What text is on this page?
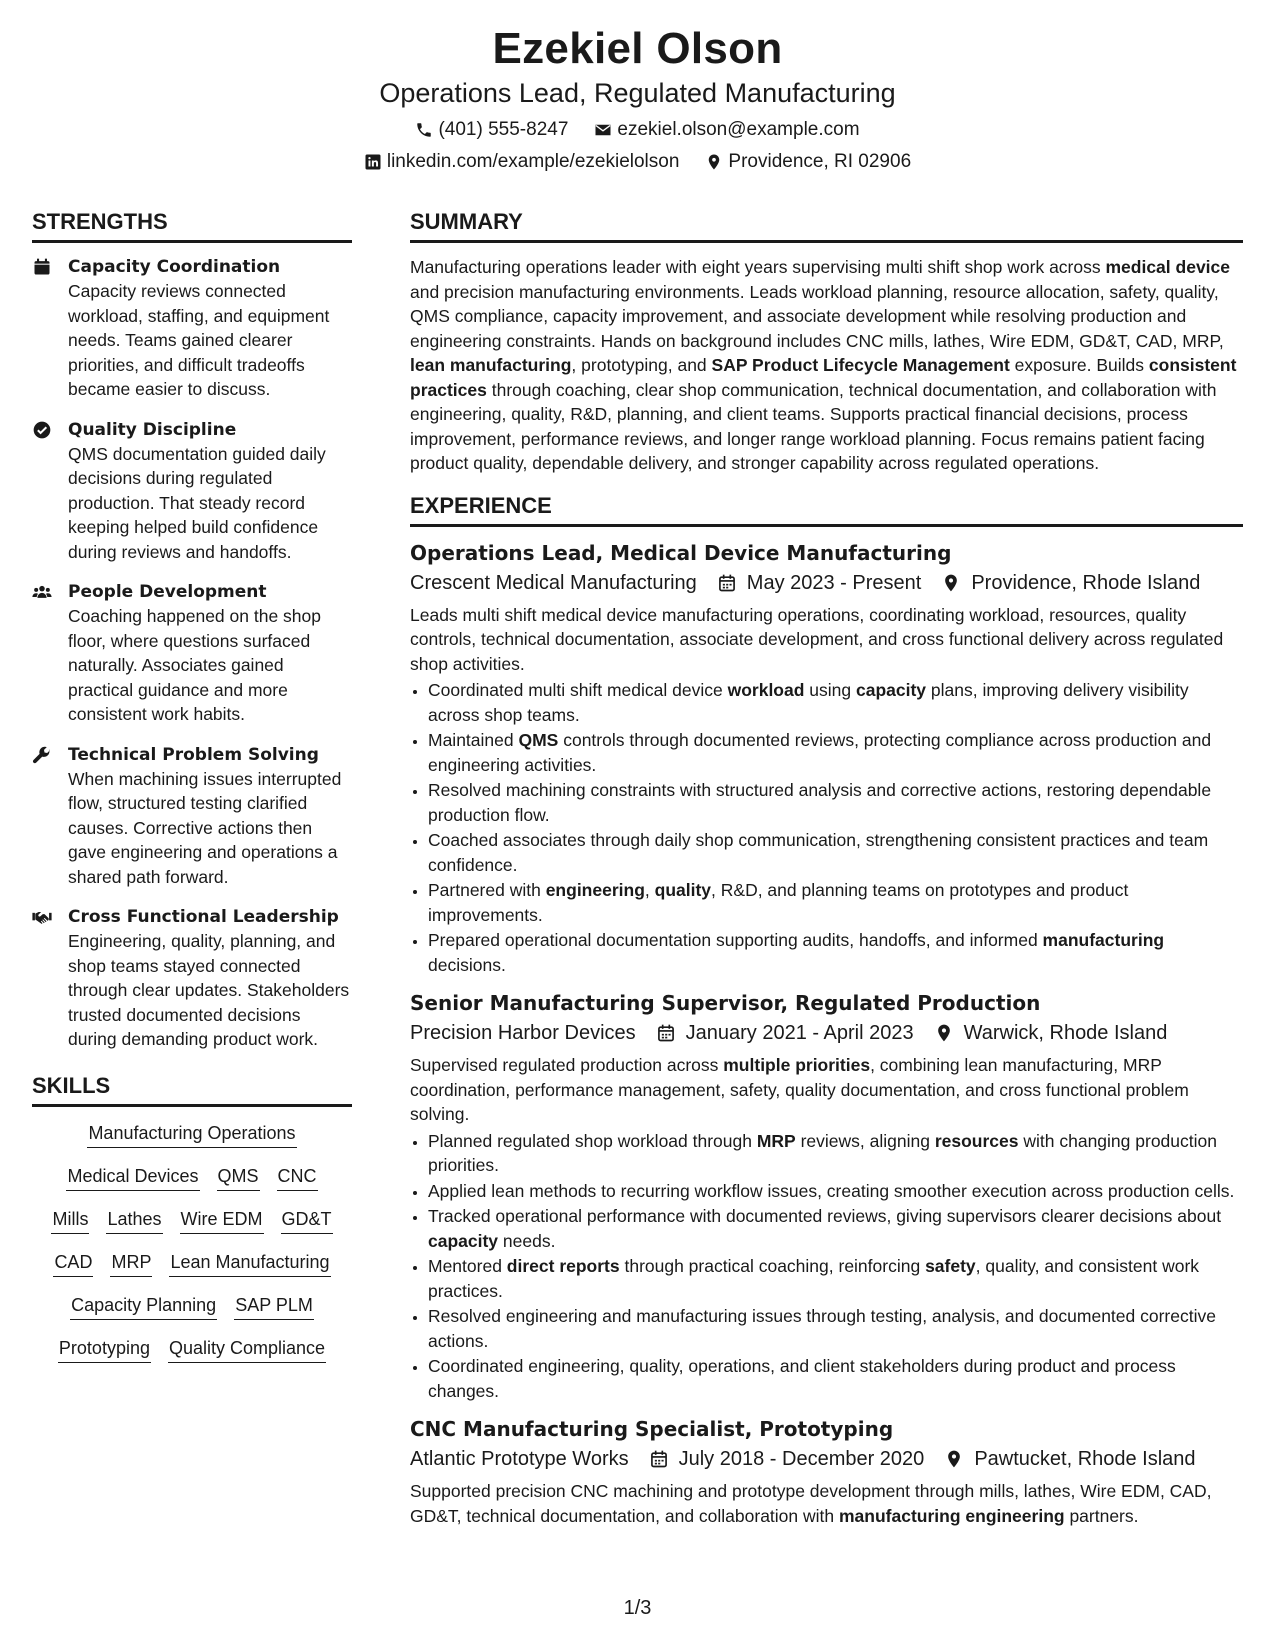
Ezekiel Olson
Operations Lead, Regulated Manufacturing
(401) 555-8247	ezekiel.olson@example.com
linkedin.com/example/ezekielolson	Providence, RI 02906
STRENGTHS
Capacity Coordination
Capacity reviews connected workload, staffing, and equipment needs. Teams gained clearer priorities, and difficult tradeoffs became easier to discuss.
Quality Discipline
QMS documentation guided daily decisions during regulated production. That steady record keeping helped build confidence during reviews and handoffs.
People Development
Coaching happened on the shop floor, where questions surfaced naturally. Associates gained practical guidance and more consistent work habits.
Technical Problem Solving
When machining issues interrupted flow, structured testing clarified causes. Corrective actions then gave engineering and operations a shared path forward.
Cross Functional Leadership
Engineering, quality, planning, and shop teams stayed connected through clear updates. Stakeholders trusted documented decisions during demanding product work.
SKILLS
Manufacturing Operations
Medical Devices QMS CNC
Mills Lathes Wire EDM GD&T
CAD MRP Lean Manufacturing
Capacity Planning SAP PLM
Prototyping Quality Compliance
SUMMARY
Manufacturing operations leader with eight years supervising multi shift shop work across medical device and precision manufacturing environments. Leads workload planning, resource allocation, safety, quality, QMS compliance, capacity improvement, and associate development while resolving production and engineering constraints. Hands on background includes CNC mills, lathes, Wire EDM, GD&T, CAD, MRP, lean manufacturing, prototyping, and SAP Product Lifecycle Management exposure. Builds consistent practices through coaching, clear shop communication, technical documentation, and collaboration with engineering, quality, R&D, planning, and client teams. Supports practical financial decisions, process improvement, performance reviews, and longer range workload planning. Focus remains patient facing product quality, dependable delivery, and stronger capability across regulated operations.
EXPERIENCE
Operations Lead, Medical Device Manufacturing
Crescent Medical Manufacturing	May 2023 - Present	Providence, Rhode Island
Leads multi shift medical device manufacturing operations, coordinating workload, resources, quality controls, technical documentation, associate development, and cross functional delivery across regulated shop activities.
• Coordinated multi shift medical device workload using capacity plans, improving delivery visibility across shop teams.
• Maintained QMS controls through documented reviews, protecting compliance across production and engineering activities.
• Resolved machining constraints with structured analysis and corrective actions, restoring dependable production flow.
• Coached associates through daily shop communication, strengthening consistent practices and team confidence.
• Partnered with engineering, quality, R&D, and planning teams on prototypes and product improvements.
• Prepared operational documentation supporting audits, handoffs, and informed manufacturing decisions.
Senior Manufacturing Supervisor, Regulated Production
Precision Harbor Devices	January 2021 - April 2023	Warwick, Rhode Island
Supervised regulated production across multiple priorities, combining lean manufacturing, MRP coordination, performance management, safety, quality documentation, and cross functional problem solving.
• Planned regulated shop workload through MRP reviews, aligning resources with changing production priorities.
• Applied lean methods to recurring workflow issues, creating smoother execution across production cells.
• Tracked operational performance with documented reviews, giving supervisors clearer decisions about capacity needs.
• Mentored direct reports through practical coaching, reinforcing safety, quality, and consistent work practices.
• Resolved engineering and manufacturing issues through testing, analysis, and documented corrective actions.
• Coordinated engineering, quality, operations, and client stakeholders during product and process changes.
CNC Manufacturing Specialist, Prototyping
Atlantic Prototype Works	July 2018 - December 2020	Pawtucket, Rhode Island
Supported precision CNC machining and prototype development through mills, lathes, Wire EDM, CAD, GD&T, technical documentation, and collaboration with manufacturing engineering partners.
1/3
